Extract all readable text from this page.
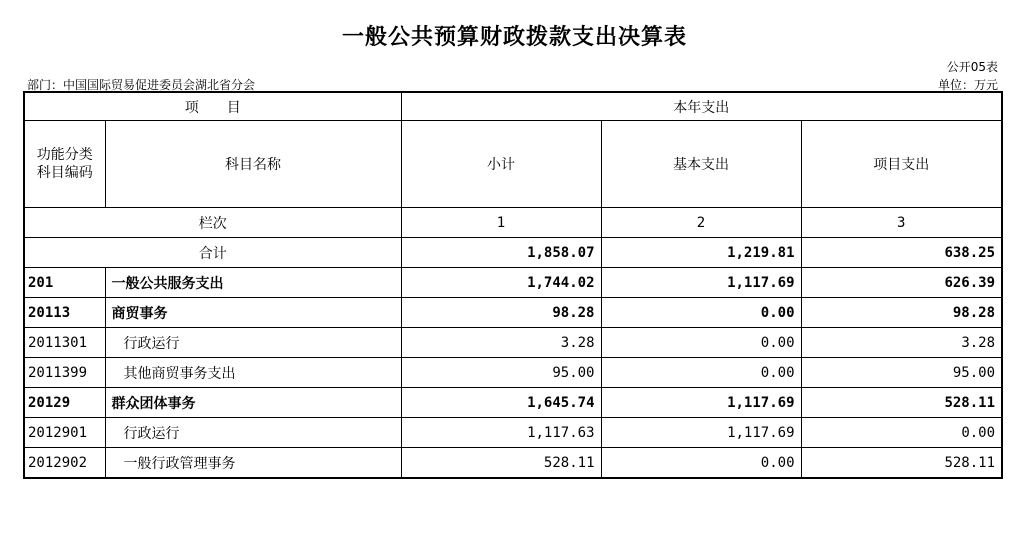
一般公共预算财政拨款支出决算表
公开05表
部门：中国国际贸易促进委员会湖北省分会	单位：万元
项　　目		本年支出		

功能分类
科目编码	科目名称	小计	基本支出	项目支出
栏次		1	2	3
合计		1,858.07	1,219.81	638.25
201	一般公共服务支出	1,744.02	1,117.69	626.39
20113	商贸事务	98.28	0.00	98.28
2011301	行政运行	3.28	0.00	3.28
2011399	其他商贸事务支出	95.00	0.00	95.00
20129	群众团体事务	1,645.74	1,117.69	528.11
2012901	行政运行	1,117.63	1,117.69	0.00
2012902	一般行政管理事务	528.11	0.00	528.11
